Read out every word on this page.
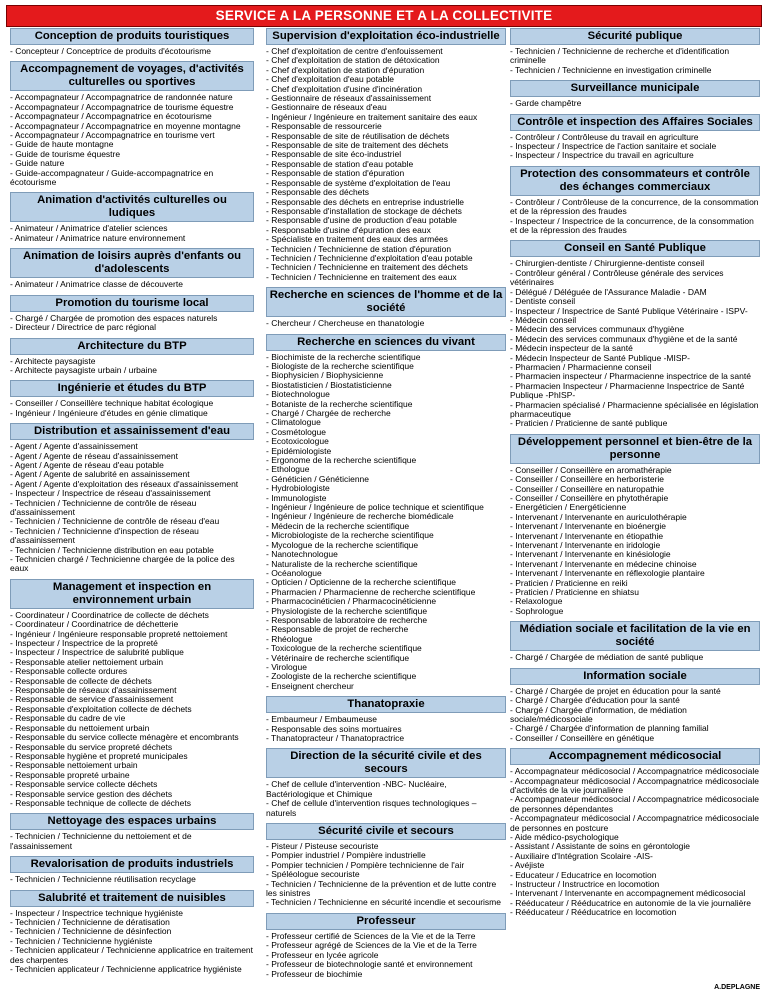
SERVICE A LA PERSONNE ET A LA COLLECTIVITE
Conception de produits touristiques
- Concepteur / Conceptrice de produits d'écotourisme
Accompagnement de voyages, d'activités culturelles ou sportives
- Accompagnateur / Accompagnatrice de randonnée nature
- Accompagnateur / Accompagnatrice de tourisme équestre
- Accompagnateur / Accompagnatrice en écotourisme
- Accompagnateur / Accompagnatrice en moyenne montagne
- Accompagnateur / Accompagnatrice en tourisme vert
- Guide de haute montagne
- Guide de tourisme équestre
- Guide nature
- Guide-accompagnateur / Guide-accompagnatrice en écotourisme
Animation d'activités culturelles ou ludiques
- Animateur / Animatrice d'atelier sciences
- Animateur / Animatrice nature environnement
Animation de loisirs auprès d'enfants ou d'adolescents
- Animateur / Animatrice classe de découverte
Promotion du tourisme local
- Chargé / Chargée de promotion des espaces naturels
- Directeur / Directrice de parc régional
Architecture du BTP
- Architecte paysagiste
- Architecte paysagiste urbain / urbaine
Ingénierie et études du BTP
- Conseiller / Conseillère technique habitat écologique
- Ingénieur / Ingénieure d'études en génie climatique
Distribution et assainissement d'eau
- Agent / Agente d'assainissement
- Agent / Agente de réseau d'assainissement
- Agent / Agente de réseau d'eau potable
- Agent / Agente de salubrité en assainissement
- Agent / Agente d'exploitation des réseaux d'assainissement
- Inspecteur / Inspectrice de réseau d'assainissement
- Technicien / Technicienne de contrôle de réseau d'assainissement
- Technicien / Technicienne de contrôle de réseau d'eau
- Technicien / Technicienne d'inspection de réseau d'assainissement
- Technicien / Technicienne distribution en eau potable
- Technicien chargé / Technicienne chargée de la police des eaux
Management et inspection en environnement urbain
- Coordinateur / Coordinatrice de collecte de déchets
- Coordinateur / Coordinatrice de déchetterie
- Ingénieur / Ingénieure responsable propreté nettoiement
- Inspecteur / Inspectrice de la propreté
- Inspecteur / Inspectrice de salubrité publique
- Responsable atelier nettoiement urbain
- Responsable collecte ordures
- Responsable de collecte de déchets
- Responsable de réseaux d'assainissement
- Responsable de service d'assainissement
- Responsable d'exploitation collecte de déchets
- Responsable du cadre de vie
- Responsable du nettoiement urbain
- Responsable du service collecte ménagère et encombrants
- Responsable du service propreté déchets
- Responsable hygiène et propreté municipales
- Responsable nettoiement urbain
- Responsable propreté urbaine
- Responsable service collecte déchets
- Responsable service gestion des déchets
- Responsable technique de collecte de déchets
Nettoyage des espaces urbains
- Technicien / Technicienne du nettoiement et de l'assainissement
Revalorisation de produits industriels
- Technicien / Technicienne réutilisation recyclage
Salubrité et traitement de nuisibles
- Inspecteur / Inspectrice technique hygiéniste
- Technicien / Technicienne de dératisation
- Technicien / Technicienne de désinfection
- Technicien / Technicienne hygiéniste
- Technicien applicateur / Technicienne applicatrice en traitement des charpentes
- Technicien applicateur / Technicienne applicatrice hygiéniste
Supervision d'exploitation éco-industrielle
- Chef d'exploitation de centre d'enfouissement
- Chef d'exploitation de station de détoxication
- Chef d'exploitation de station d'épuration
- Chef d'exploitation d'eau potable
- Chef d'exploitation d'usine d'incinération
- Gestionnaire de réseaux d'assainissement
- Gestionnaire de réseaux d'eau
- Ingénieur / Ingénieure en traitement sanitaire des eaux
- Responsable de ressourcerie
- Responsable de site de réutilisation de déchets
- Responsable de site de traitement des déchets
- Responsable de site éco-industriel
- Responsable de station d'eau potable
- Responsable de station d'épuration
- Responsable de système d'exploitation de l'eau
- Responsable des déchets
- Responsable des déchets en entreprise industrielle
- Responsable d'installation de stockage de déchets
- Responsable d'usine de production d'eau potable
- Responsable d'usine d'épuration des eaux
- Spécialiste en traitement des eaux des armées
- Technicien / Technicienne de station d'épuration
- Technicien / Technicienne d'exploitation d'eau potable
- Technicien / Technicienne en traitement des déchets
- Technicien / Technicienne en traitement des eaux
Recherche en sciences de l'homme et de la société
- Chercheur / Chercheuse en thanatologie
Recherche en sciences du vivant
- Biochimiste de la recherche scientifique
- Biologiste de la recherche scientifique
- Biophysicien / Biophysicienne
- Biostatisticien / Biostatisticienne
- Biotechnologue
- Botaniste de la recherche scientifique
- Chargé / Chargée de recherche
- Climatologue
- Cosmétologue
- Ecotoxicologue
- Epidémiologiste
- Ergonome de la recherche scientifique
- Ethologue
- Généticien / Généticienne
- Hydrobiologiste
- Immunologiste
- Ingénieur / Ingénieure de police technique et scientifique
- Ingénieur / Ingénieure de recherche biomédicale
- Médecin de la recherche scientifique
- Microbiologiste de la recherche scientifique
- Mycologue de la recherche scientifique
- Nanotechnologue
- Naturaliste de la recherche scientifique
- Océanologue
- Opticien / Opticienne de la recherche scientifique
- Pharmacien / Pharmacienne de recherche scientifique
- Pharmacocinéticien / Pharmacocinéticienne
- Physiologiste de la recherche scientifique
- Responsable de laboratoire de recherche
- Responsable de projet de recherche
- Rhéologue
- Toxicologue de la recherche scientifique
- Vétérinaire de recherche scientifique
- Virologue
- Zoologiste de la recherche scientifique
- Enseignent chercheur
Thanatopraxie
- Embaumeur / Embaumeuse
- Responsable des soins mortuaires
- Thanatopracteur / Thanatopractrice
Direction de la sécurité civile et des secours
- Chef de cellule d'intervention -NBC- Nucléaire, Bactériologique et Chimique
- Chef de cellule d'intervention risques technologiques – naturels
Sécurité civile et secours
- Pisteur / Pisteuse secouriste
- Pompier industriel / Pompière industrielle
- Pompier technicien / Pompière technicienne de l'air
- Spéléologue secouriste
- Technicien / Technicienne de la prévention et de lutte contre les sinistres
- Technicien / Technicienne en sécurité incendie et secourisme
Professeur
- Professeur certifié de Sciences de la Vie et de la Terre
- Professeur agrégé de Sciences de la Vie et de la Terre
- Professeur en lycée agricole
- Professeur de biotechnologie santé et environnement
- Professeur de biochimie
Sécurité publique
- Technicien / Technicienne de recherche et d'identification criminelle
- Technicien / Technicienne en investigation criminelle
Surveillance municipale
- Garde champêtre
Contrôle et inspection des Affaires Sociales
- Contrôleur / Contrôleuse du travail en agriculture
- Inspecteur / Inspectrice de l'action sanitaire et sociale
- Inspecteur / Inspectrice du travail en agriculture
Protection des consommateurs et contrôle des échanges commerciaux
- Contrôleur / Contrôleuse de la concurrence, de la consommation et de la répression des fraudes
- Inspecteur / Inspectrice de la concurrence, de la consommation et de la répression des fraudes
Conseil en Santé Publique
- Chirurgien-dentiste / Chirurgienne-dentiste conseil
- Contrôleur général / Contrôleuse générale des services vétérinaires
- Délégué / Déléguée de l'Assurance Maladie - DAM
- Dentiste conseil
- Inspecteur / Inspectrice de Santé Publique Vétérinaire - ISPV-
- Médecin conseil
- Médecin des services communaux d'hygiène
- Médecin des services communaux d'hygiène et de la santé
- Médecin inspecteur de la santé
- Médecin Inspecteur de Santé Publique -MISP-
- Pharmacien / Pharmacienne conseil
- Pharmacien inspecteur / Pharmacienne inspectrice de la santé
- Pharmacien Inspecteur / Pharmacienne Inspectrice de Santé Publique -PhISP-
- Pharmacien spécialisé / Pharmacienne spécialisée en législation pharmaceutique
- Praticien / Praticienne de santé publique
Développement personnel et bien-être de la personne
- Conseiller / Conseillère en aromathérapie
- Conseiller / Conseillère en herboristerie
- Conseiller / Conseillère en naturopathie
- Conseiller / Conseillère en phytothérapie
- Energéticien / Energéticienne
- Intervenant / Intervenante en auriculothérapie
- Intervenant / Intervenante en bioénergie
- Intervenant / Intervenante en étiopathie
- Intervenant / Intervenante en iridologie
- Intervenant / Intervenante en kinésiologie
- Intervenant / Intervenante en médecine chinoise
- Intervenant / Intervenante en réflexologie plantaire
- Praticien / Praticienne en reiki
- Praticien / Praticienne en shiatsu
- Relaxologue
- Sophrologue
Médiation sociale et facilitation de la vie en société
- Chargé / Chargée de médiation de santé publique
Information sociale
- Chargé / Chargée de projet en éducation pour la santé
- Chargé / Chargée d'éducation pour la santé
- Chargé / Chargée d'information, de médiation sociale/médicosociale
- Chargé / Chargée d'information de planning familial
- Conseiller / Conseillère en génétique
Accompagnement médicosocial
- Accompagnateur médicosocial / Accompagnatrice médicosociale
- Accompagnateur médicosocial / Accompagnatrice médicosociale d'activités de la vie journalière
- Accompagnateur médicosocial / Accompagnatrice médicosociale de personnes dépendantes
- Accompagnateur médicosocial / Accompagnatrice médicosociale de personnes en postcure
- Aide médico-psychologique
- Assistant / Assistante de soins en gérontologie
- Auxiliaire d'Intégration Scolaire -AIS-
- Avéjiste
- Educateur / Educatrice en locomotion
- Instructeur / Instructrice en locomotion
- Intervenant / Intervenante en accompagnement médicosocial
- Rééducateur / Rééducatrice en autonomie de la vie journalière
- Rééducateur / Rééducatrice en locomotion
A.DEPLAGNE
